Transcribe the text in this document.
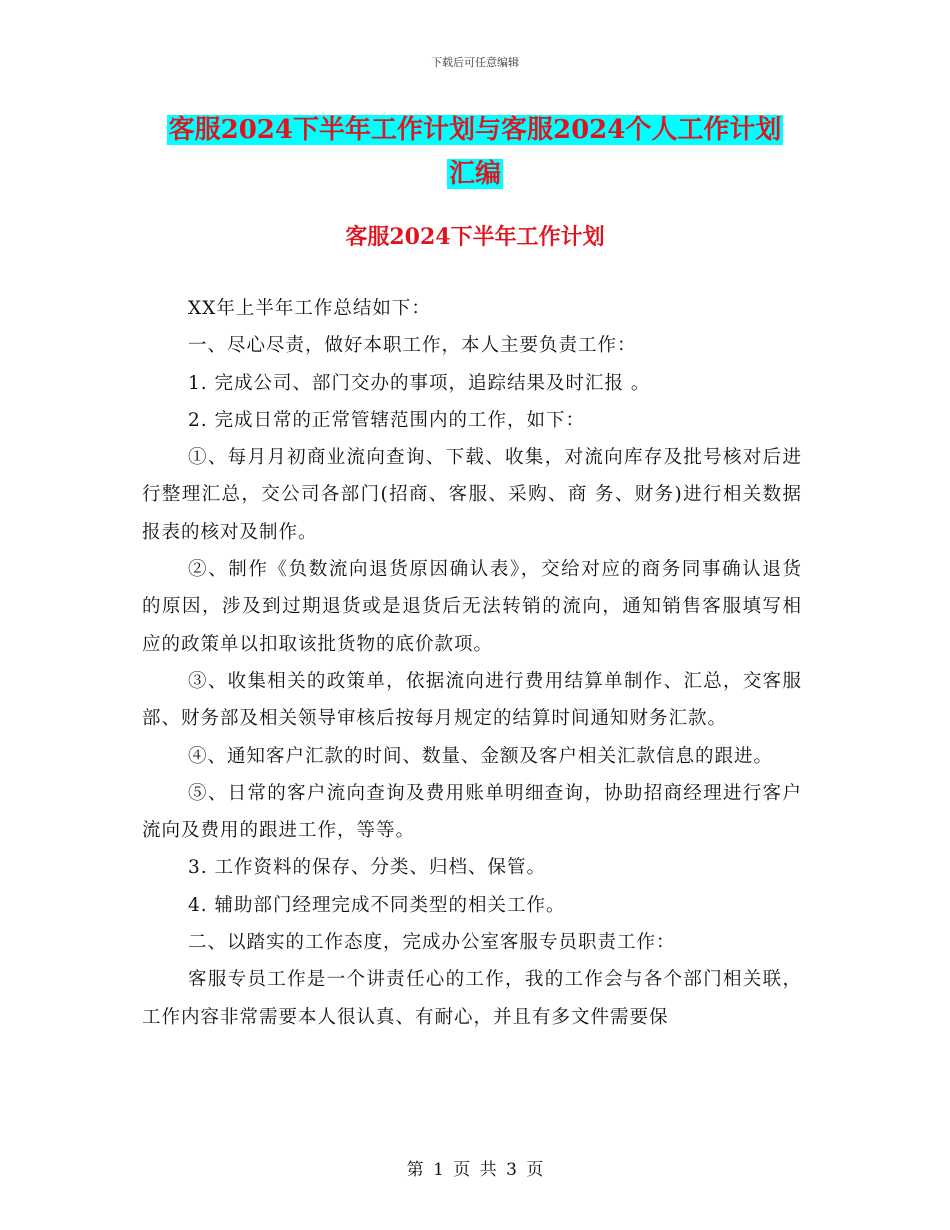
下载后可任意编辑
客服2024下半年工作计划与客服2024个人工作计划
汇编
客服2024下半年工作计划

XX年上半年工作总结如下：

一、尽心尽责，做好本职工作，本人主要负责工作：

1. 完成公司、部门交办的事项，追踪结果及时汇报 。

2. 完成日常的正常管辖范围内的工作，如下：

①、每月月初商业流向查询、下载、收集，对流向库存及批号核对后进行整理汇总，交公司各部门(招商、客服、采购、商 务、财务)进行相关数据报表的核对及制作。

②、制作《负数流向退货原因确认表》，交给对应的商务同事确认退货的原因，涉及到过期退货或是退货后无法转销的流向，通知销售客服填写相应的政策单以扣取该批货物的底价款项。

③、收集相关的政策单，依据流向进行费用结算单制作、汇总，交客服部、财务部及相关领导审核后按每月规定的结算时间通知财务汇款。

④、通知客户汇款的时间、数量、金额及客户相关汇款信息的跟进。

⑤、日常的客户流向查询及费用账单明细查询，协助招商经理进行客户流向及费用的跟进工作，等等。

3. 工作资料的保存、分类、归档、保管。

4. 辅助部门经理完成不同类型的相关工作。

二、以踏实的工作态度，完成办公室客服专员职责工作：

客服专员工作是一个讲责任心的工作，我的工作会与各个部门相关联，工作内容非常需要本人很认真、有耐心，并且有多文件需要保

第 1 页 共 3 页
